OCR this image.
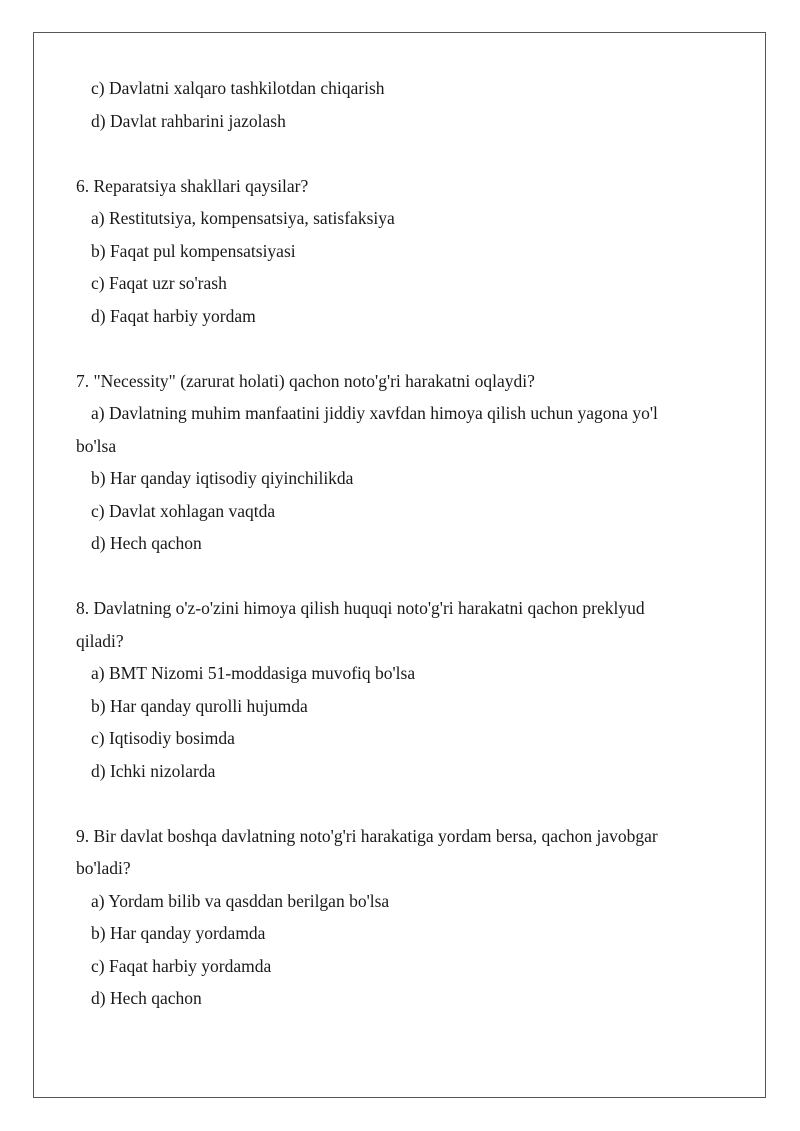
c) Davlatni xalqaro tashkilotdan chiqarish
d) Davlat rahbarini jazolash
6. Reparatsiya shakllari qaysilar?
a) Restitutsiya, kompensatsiya, satisfaksiya
b) Faqat pul kompensatsiyasi
c) Faqat uzr so'rash
d) Faqat harbiy yordam
7. "Necessity" (zarurat holati) qachon noto'g'ri harakatni oqlaydi?
a) Davlatning muhim manfaatini jiddiy xavfdan himoya qilish uchun yagona yo'l
bo'lsa
b) Har qanday iqtisodiy qiyinchilikda
c) Davlat xohlagan vaqtda
d) Hech qachon
8. Davlatning o'z-o'zini himoya qilish huquqi noto'g'ri harakatni qachon preklyud
qiladi?
a) BMT Nizomi 51-moddasiga muvofiq bo'lsa
b) Har qanday qurolli hujumda
c) Iqtisodiy bosimda
d) Ichki nizolarda
9. Bir davlat boshqa davlatning noto'g'ri harakatiga yordam bersa, qachon javobgar
bo'ladi?
a) Yordam bilib va qasddan berilgan bo'lsa
b) Har qanday yordamda
c) Faqat harbiy yordamda
d) Hech qachon
